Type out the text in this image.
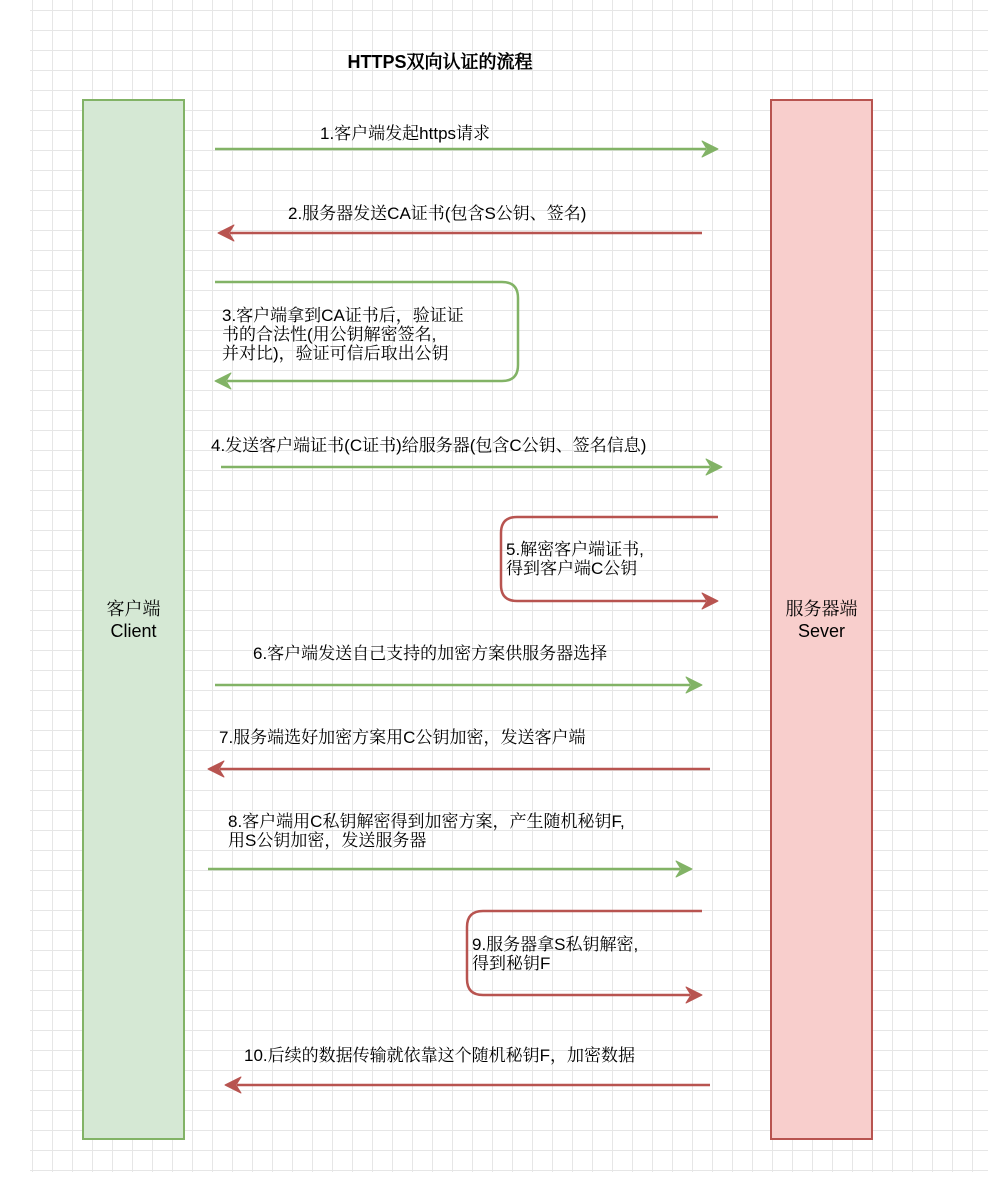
HTTPS双向认证的流程
客户端
Client
服务器端
Sever
1.客户端发起https请求
2.服务器发送CA证书(包含S公钥、签名)
3.客户端拿到CA证书后，验证证
书的合法性(用公钥解密签名,
并对比)，验证可信后取出公钥
4.发送客户端证书(C证书)给服务器(包含C公钥、签名信息)
5.解密客户端证书,
得到客户端C公钥
6.客户端发送自己支持的加密方案供服务器选择
7.服务端选好加密方案用C公钥加密，发送客户端
8.客户端用C私钥解密得到加密方案，产生随机秘钥F,
用S公钥加密，发送服务器
9.服务器拿S私钥解密,
得到秘钥F
10.后续的数据传输就依靠这个随机秘钥F，加密数据
